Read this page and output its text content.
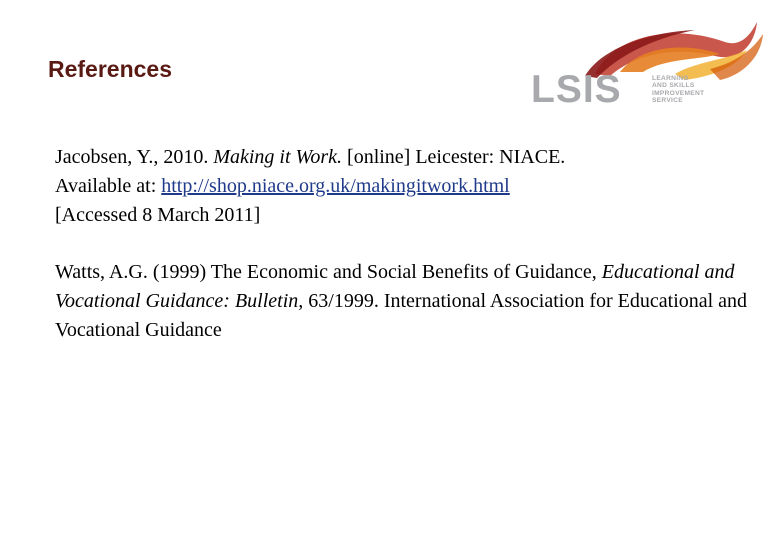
References	LSIS	LEARNING
AND SKILLS
IMPROVEMENT
SERVICE

Jacobsen, Y., 2010. Making it Work. [online] Leicester: NIACE.
Available at: http://shop.niace.org.uk/makingitwork.html
[Accessed 8 March 2011]

Watts, A.G. (1999) The Economic and Social Benefits of Guidance, Educational and Vocational Guidance: Bulletin, 63/1999. International Association for Educational and Vocational Guidance
